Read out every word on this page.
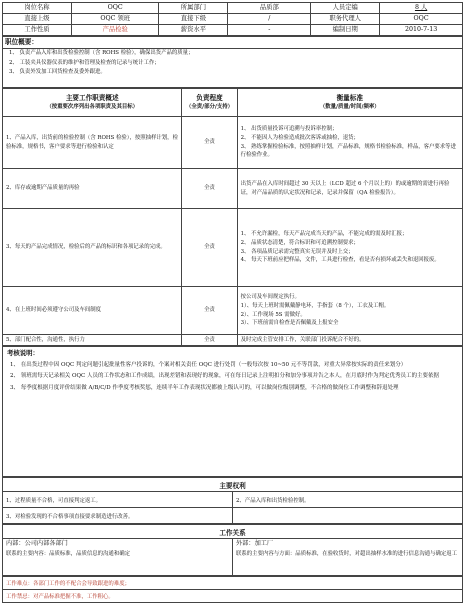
岗位名称	OQC	所属部门	品质部	人员定编	8 人
直接上级	OQC 领班	直接下级	/	职务代理人	OQC
工作性质	产品检验	薪资水平	-	编制日期	2010-7-13
职位概要：

1、 负责产品入库和出货检验控制（含 ROHS 检验），确保出货产品的质量；
2、 工装夹具仪器仪表的维护和管理及检查的记录与统计工作；
3、 负责外发加工回货检查及委外跟进。
主要工作职责概述
（按重要次序列出各项职责及其目标）	负责程度
（全责/部分/支持）	衡量标准
（数量/质量/时间/频率）

1、产品入库，出货前的检验控制（含 ROHS 检验），按照抽样计划，检验标准，规格书，客户要求等进行检验和认定	全责	1、 出货质量投诉可追溯与投诉率控制；
2、 不能因人为检验造成批次客诉或抽检，退货；
3、 熟练掌握检验标准，按照抽样计划，产品标准，规格书检验标准，样品，客户要求等进行检验作业。

2、库存或逾期产品质量的再验	全责	出货产品在入库时间超过 30 天以上（LCD 超过 6 个月以上的）的或逾期的需进行再验证，对产品品质的认定状况和记录，记录并保留（QA 检验报告）。

3、每天的产品完成情况，检验后的产品的标识和各项记录的完成。	全责	1、 不允许漏检，每天产品完成当天的产品，不能完成的需及时汇报；
2、 品质状态清楚，符合标识和可追溯控制要求；
3、 各项品质记录需完整真实无误并及时上交；
4、 每天下班前应把样品，文件，工具进行检查，看是否有损坏或丢失和退回报废。

4、在上班时间必须遵守公司及车间制度	全责	按公司及车间规定执行。
1）、每天上班时需佩戴静电环，手指套（8 个），工衣及工帽。
2）、工作现场 5S 需做好。
3）、下班前需自检查是否佩戴及上报安全

5、部门配合性，沟通性，执行力	全责	及时完成主管安排工作，关联部门投诉配合不好的。
考核说明：
1、 在出货过程中因 OQC 判定问题引起批量性客户投诉的，个案对相关责任 OQC 进行处罚（一般每次按 10~50 元不等罚款，对重大异常按实际的责任来划分）
2、 领班需每天记录相关 OQC 人员的工作状态和工作成绩，出现差错和表现好的现象，可在每日记录上注明扣分和加分事项并告之本人，在月底时作为判定优秀员工的主要依据
3、 每季度根据月度评价结果做 A/B/C/D 作季度考核奖惩，连续半年工作表现状况都被上级认可的，可以做岗位级别调整，不合格的做岗位工作调整和辞退处理
主要权利	
1、过程质量不合格，可直接判定返工。	2、产品入库和出货检验控制。
3、对检验发现的不合格事项直接要求制造进行改善。	
工作关系

内部：公司内部各部门
联系的主要内容：品质标准，品质信息的沟通和确定	
外部：加工厂
联系的主要内容与方面：品质标准，在验收货时，对超出抽样水准的进行信息沟通与确定返工
工作难点：各部门工作的不配合会导致跟进的难度；
工作禁忌：对产品标准把握不准，工作粗心。
